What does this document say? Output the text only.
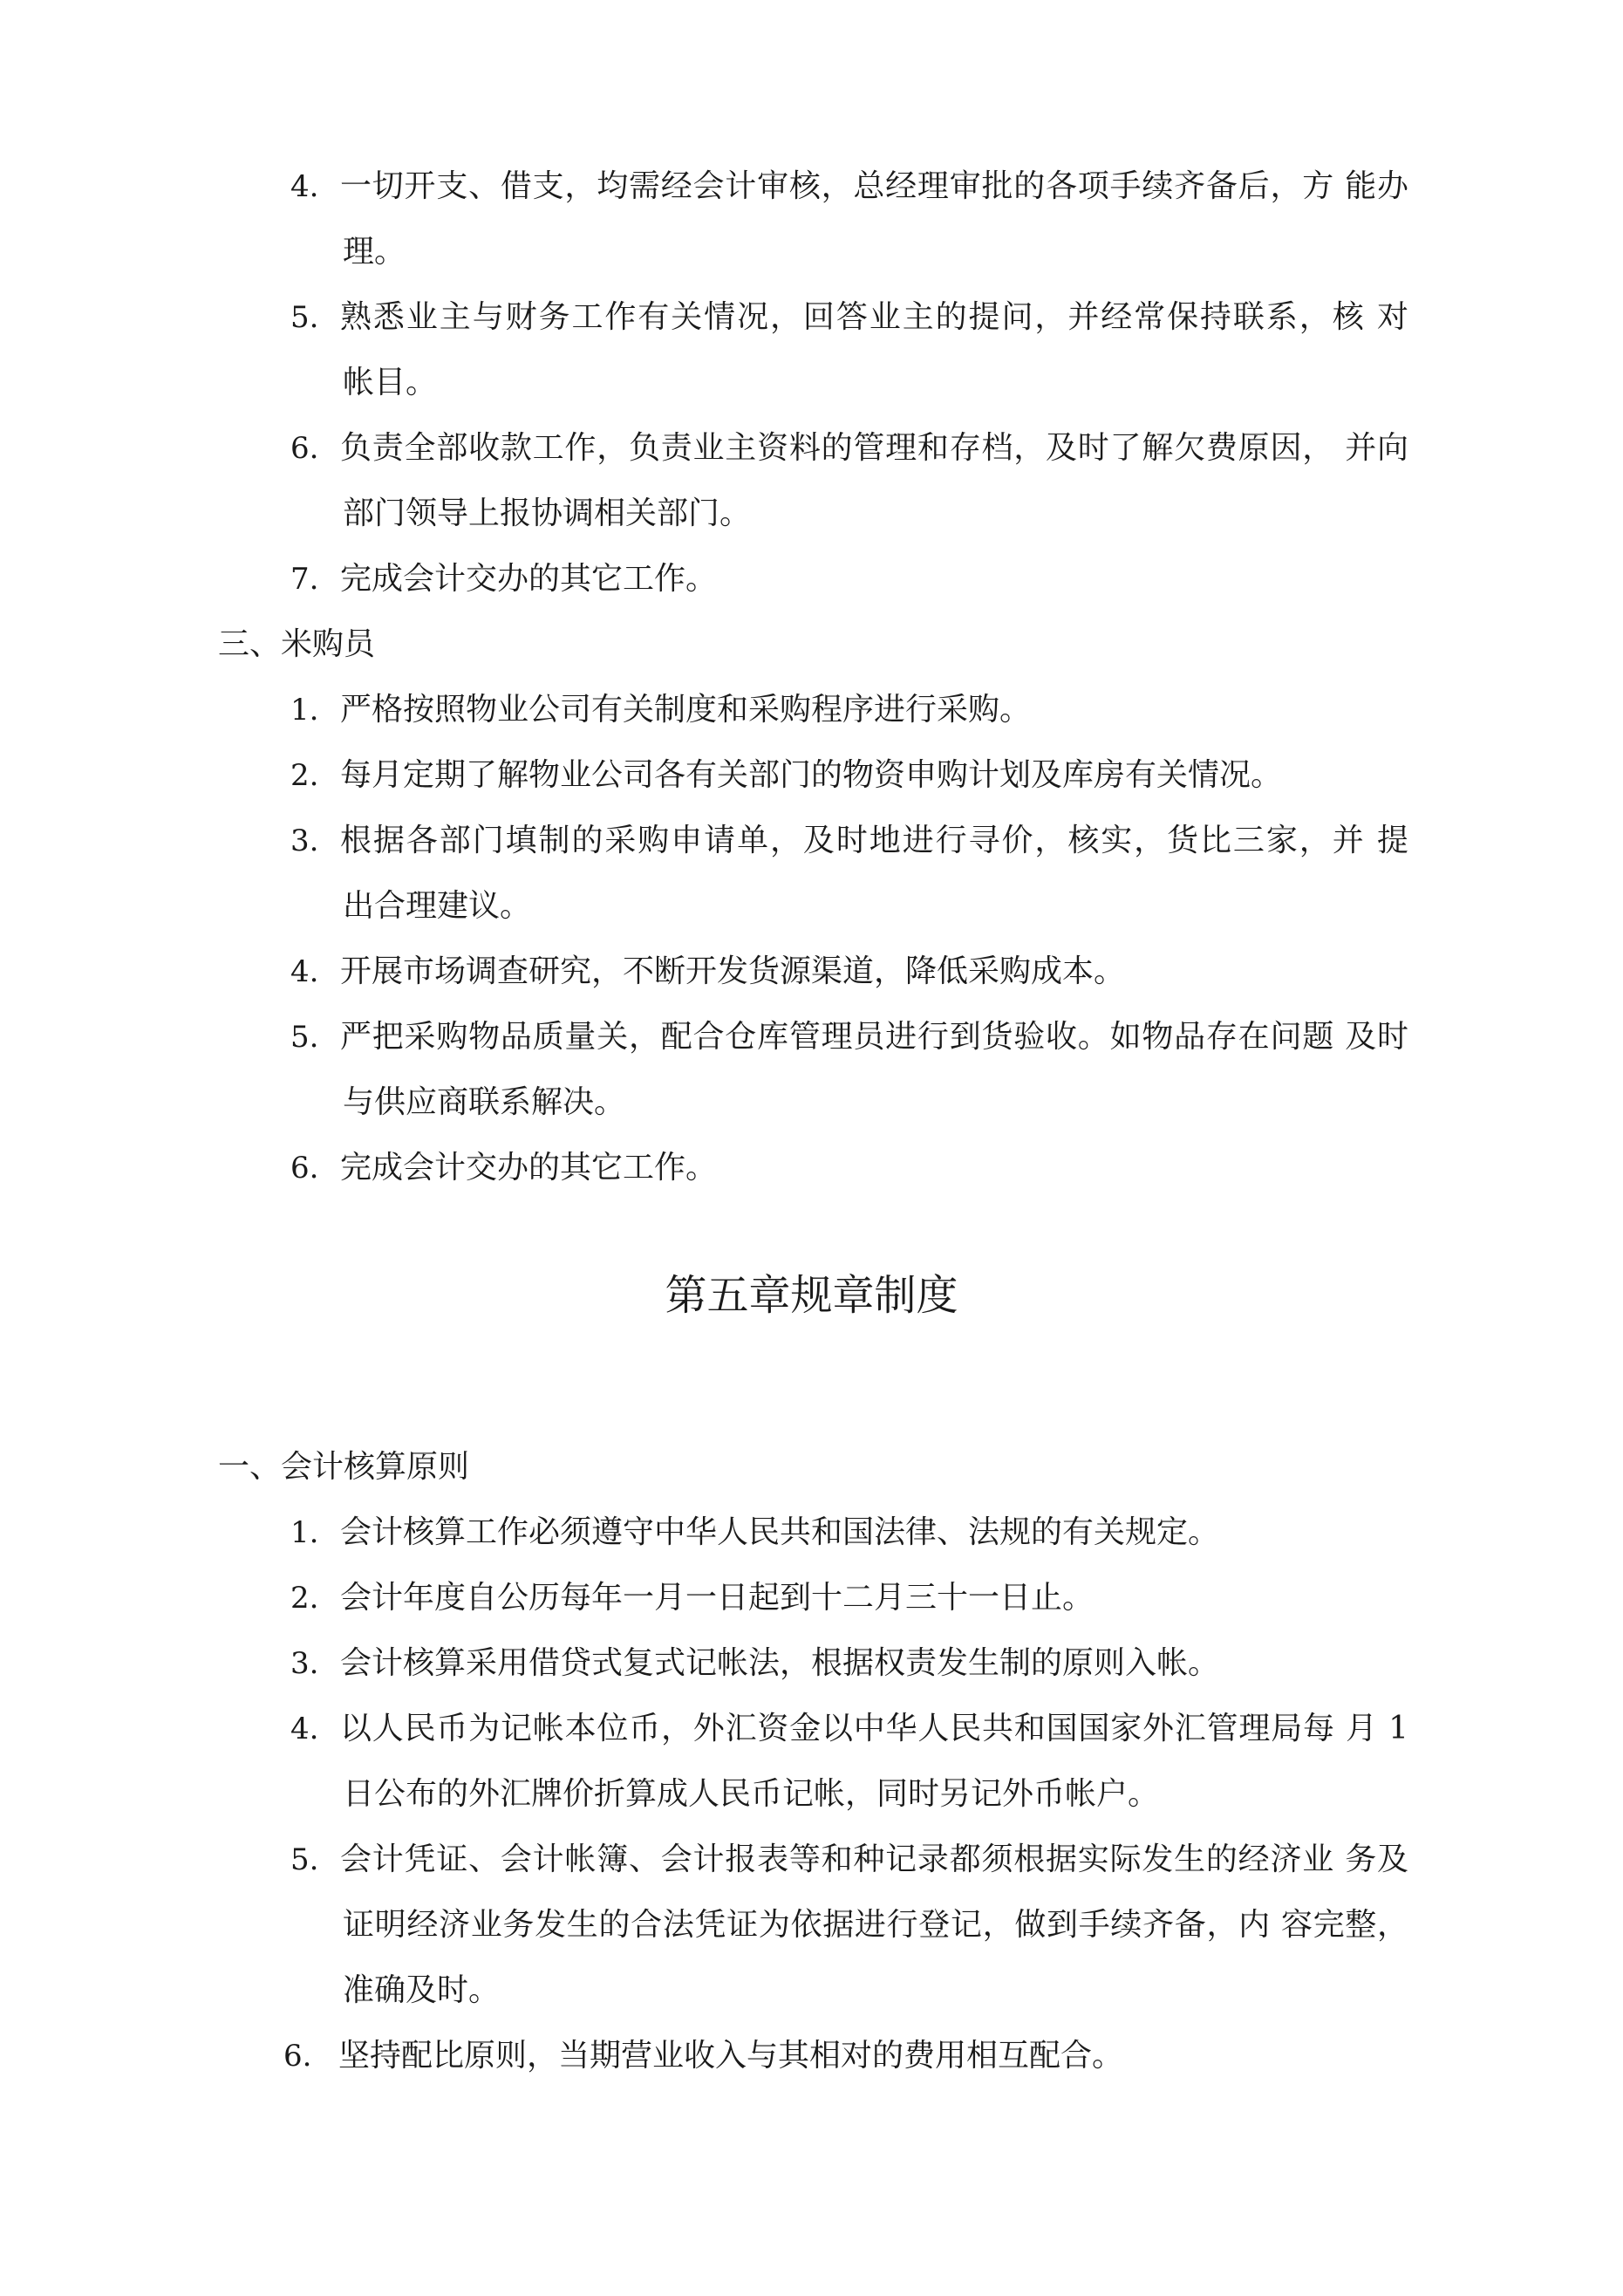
4. 一切开支、借支，均需经会计审核，总经理审批的各项手续齐备后，方 能办
理。
5. 熟悉业主与财务工作有关情况，回答业主的提问，并经常保持联系，核 对
帐目。
6. 负责全部收款工作，负责业主资料的管理和存档，及时了解欠费原因， 并向
部门领导上报协调相关部门。
7. 完成会计交办的其它工作。
三、米购员
1. 严格按照物业公司有关制度和采购程序进行采购。
2. 每月定期了解物业公司各有关部门的物资申购计划及库房有关情况。
3. 根据各部门填制的采购申请单，及时地进行寻价，核实，货比三家，并 提
出合理建议。
4. 开展市场调查研究，不断开发货源渠道，降低采购成本。
5. 严把采购物品质量关，配合仓库管理员进行到货验收。如物品存在问题 及时
与供应商联系解决。
6. 完成会计交办的其它工作。
第五章规章制度
一、会计核算原则
1. 会计核算工作必须遵守中华人民共和国法律、法规的有关规定。
2. 会计年度自公历每年一月一日起到十二月三十一日止。
3. 会计核算采用借贷式复式记帐法，根据权责发生制的原则入帐。
4. 以人民币为记帐本位币，外汇资金以中华人民共和国国家外汇管理局每 月 1
日公布的外汇牌价折算成人民币记帐，同时另记外币帐户。
5. 会计凭证、会计帐簿、会计报表等和种记录都须根据实际发生的经济业 务及
证明经济业务发生的合法凭证为依据进行登记，做到手续齐备，内 容完整，
准确及时。
6. 坚持配比原则，当期营业收入与其相对的费用相互配合。
